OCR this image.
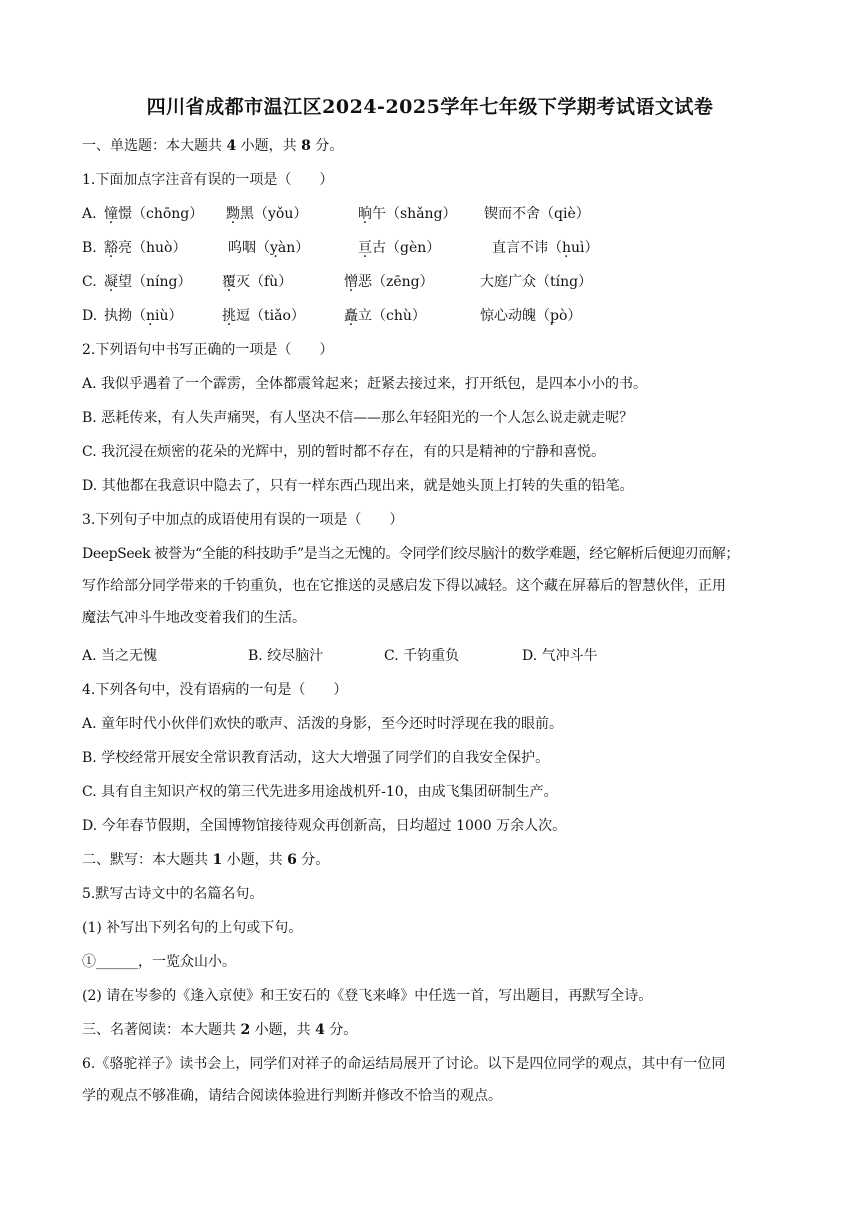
四川省成都市温江区2024-2025学年七年级下学期考试语文试卷
一、单选题：本大题共 4 小题，共 8 分。
1.下面加点字注音有误的一项是（　　）
A. 憧憬（chōng） 黝黑（yǒu）	晌午（shǎng） 锲而不舍（qiè）
B. 豁亮（huò）	呜咽（yàn） ·	亘古（gèn）	直言不讳（huì） ·
C. 凝望（níng） 覆灭（fù）	憎恶（zēng）	大庭广众（tíng）
D. 执拗（niù） ·	挑逗（tiǎo）	矗立（chù）	惊心动魄（pò） ·
2.下列语句中书写正确的一项是（　　）
A. 我似乎遇着了一个霹雳，全体都震耸起来；赶紧去接过来，打开纸包，是四本小小的书。
B. 恶耗传来，有人失声痛哭，有人坚决不信——那么年轻阳光的一个人怎么说走就走呢？
C. 我沉浸在烦密的花朵的光辉中，别的暂时都不存在，有的只是精神的宁静和喜悦。
D. 其他都在我意识中隐去了，只有一样东西凸现出来，就是她头顶上打转的失重的铅笔。
3.下列句子中加点的成语使用有误的一项是（　　）
DeepSeek 被誉为“全能的科技助手”是当之无愧的。令同学们绞尽脑汁的数学难题，经它解析后便迎刃而解；
写作给部分同学带来的千钧重负，也在它推送的灵感启发下得以减轻。这个藏在屏幕后的智慧伙伴，正用
魔法气冲斗牛地改变着我们的生活。
A. 当之无愧	B. 绞尽脑汁	C. 千钧重负	D. 气冲斗牛
4.下列各句中，没有语病的一句是（　　）
A. 童年时代小伙伴们欢快的歌声、活泼的身影，至今还时时浮现在我的眼前。
B. 学校经常开展安全常识教育活动，这大大增强了同学们的自我安全保护。
C. 具有自主知识产权的第三代先进多用途战机歼-10，由成飞集团研制生产。
D. 今年春节假期，全国博物馆接待观众再创新高，日均超过 1000 万余人次。
二、默写：本大题共 1 小题，共 6 分。
5.默写古诗文中的名篇名句。
(1) 补写出下列名句的上句或下句。
①______，一览众山小。
(2) 请在岑参的《逢入京使》和王安石的《登飞来峰》中任选一首，写出题目，再默写全诗。
三、名著阅读：本大题共 2 小题，共 4 分。
6.《骆驼祥子》读书会上，同学们对祥子的命运结局展开了讨论。以下是四位同学的观点，其中有一位同
学的观点不够准确，请结合阅读体验进行判断并修改不恰当的观点。
